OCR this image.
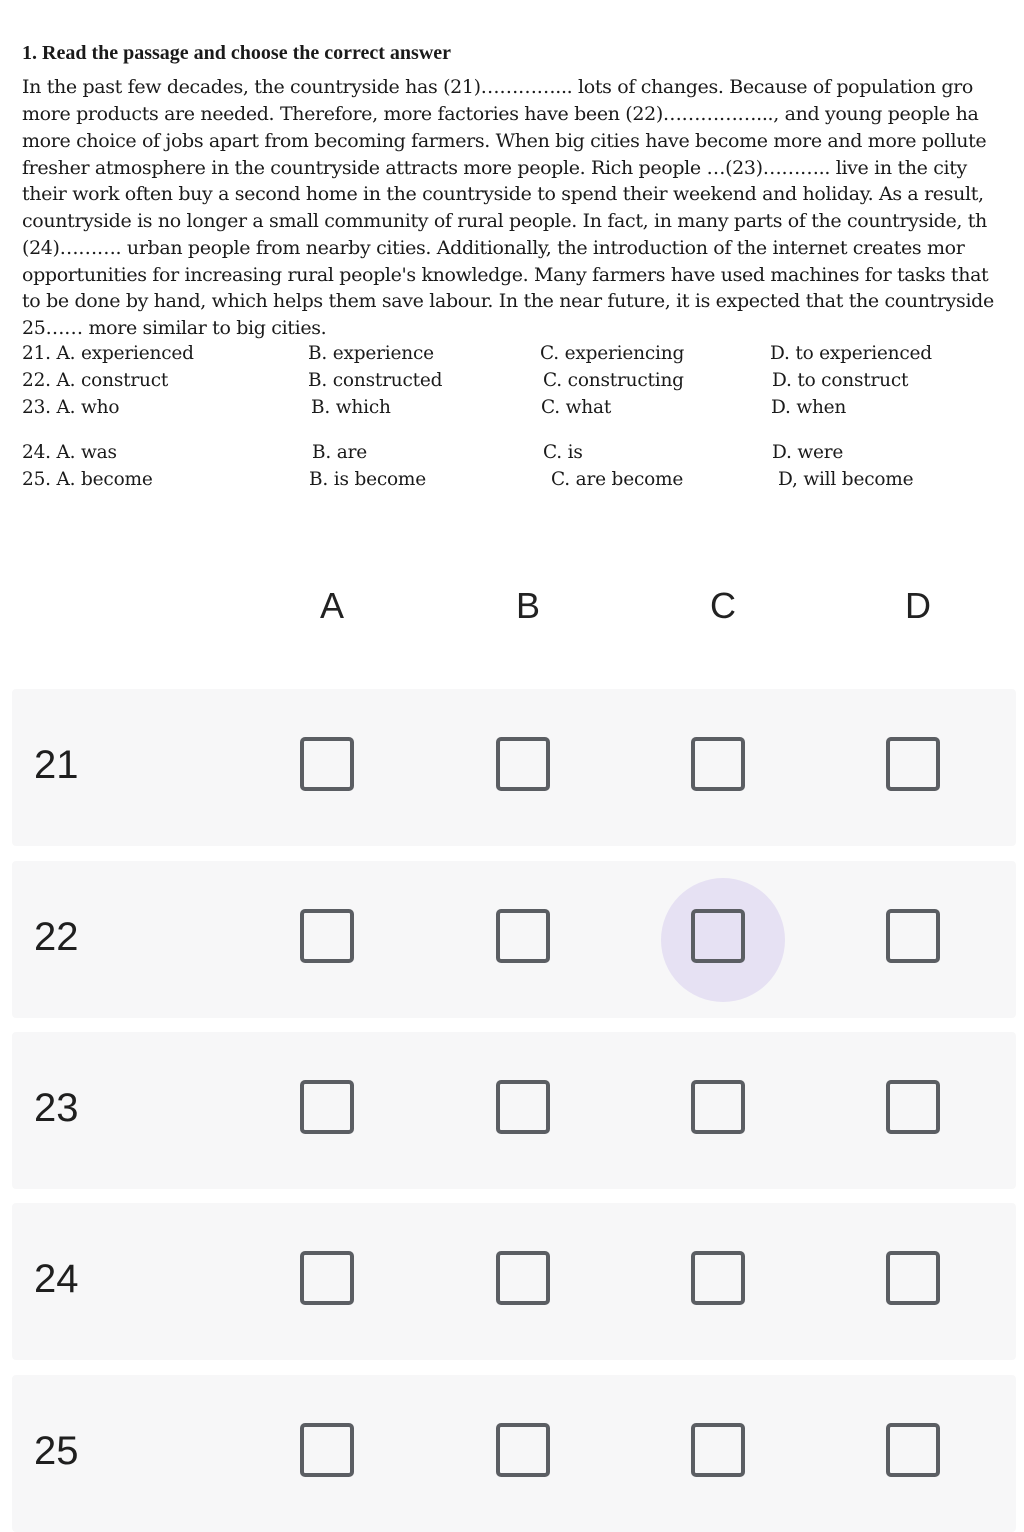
1. Read the passage and choose the correct answer
In the past few decades, the countryside has (21)…………... lots of changes. Because of population gro
more products are needed. Therefore, more factories have been (22)……………..., and young people ha
more choice of jobs apart from becoming farmers. When big cities have become more and more pollute
fresher atmosphere in the countryside attracts more people. Rich people …(23)……….. live in the city
their work often buy a second home in the countryside to spend their weekend and holiday. As a result,
countryside is no longer a small community of rural people. In fact, in many parts of the countryside, th
(24)………. urban people from nearby cities. Additionally, the introduction of the internet creates mor
opportunities for increasing rural people's knowledge. Many farmers have used machines for tasks that
to be done by hand, which helps them save labour. In the near future, it is expected that the countryside
25…… more similar to big cities.
21. A. experienced	B. experience	C. experiencing	D. to experienced
22. A. construct	B. constructed	C. constructing	D. to construct
23. A. who	B. which	C. what	D. when
24. A. was	B. are	C. is	D. were
25. A. become	B. is become	C. are become	D, will become
A	B	C	D
21
22
23
24
25
